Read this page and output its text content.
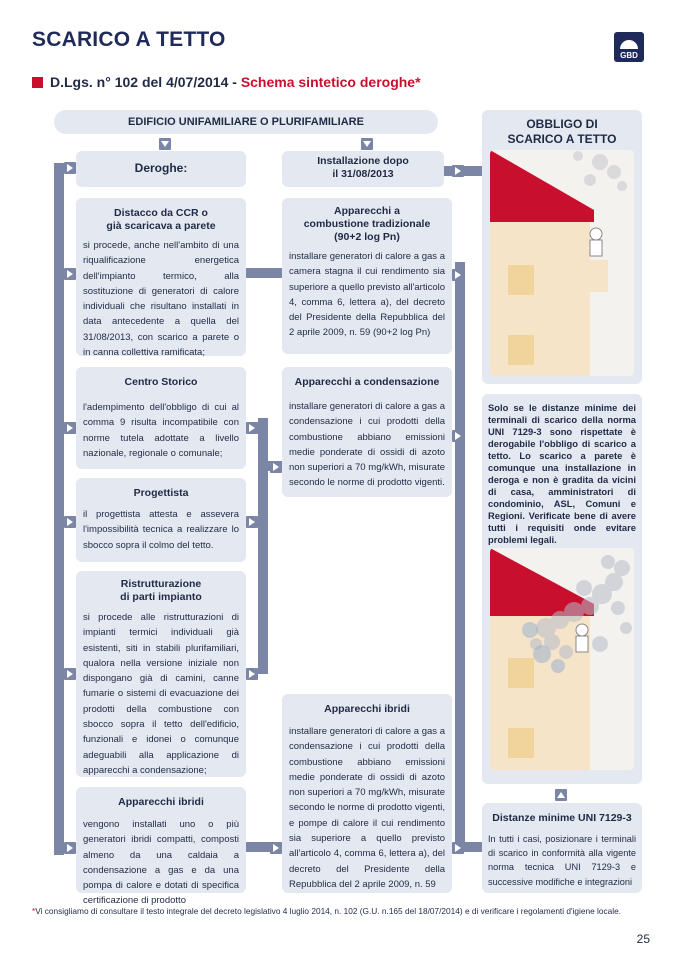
SCARICO A TETTO
GBD
D.Lgs. n° 102 del 4/07/2014 - Schema sintetico deroghe*
EDIFICIO UNIFAMILIARE O PLURIFAMILIARE
Deroghe:
Distacco da CCR o
già scaricava a parete
si procede, anche nell'ambito di una riqualificazione energetica dell'impianto termico, alla sostituzione di generatori di calore individuali che risultano installati in data antecedente a quella del 31/08/2013, con scarico a parete o in canna collettiva ramificata;
Centro Storico
l'adempimento dell'obbligo di cui al comma 9 risulta incompatibile con norme tutela adottate a livello nazionale, regionale o comunale;
Progettista
il progettista attesta e assevera l'impossibilità tecnica a realizzare lo sbocco sopra il colmo del tetto.
Ristrutturazione
di parti impianto
si procede alle ristrutturazioni di impianti termici individuali già esistenti, siti in stabili plurifamiliari, qualora nella versione iniziale non dispongano già di camini, canne fumarie o sistemi di evacuazione dei prodotti della combustione con sbocco sopra il tetto dell'edificio, funzionali e idonei o comunque adeguabili alla applicazione di apparecchi a condensazione;
Apparecchi ibridi
vengono installati uno o più generatori ibridi compatti, composti almeno da una caldaia a condensazione a gas e da una pompa di calore e dotati di specifica certificazione di prodotto
Installazione dopo
il 31/08/2013
Apparecchi a
combustione tradizionale
(90+2 log Pn)
installare generatori di calore a gas a camera stagna il cui rendimento sia superiore a quello previsto all'articolo 4, comma 6, lettera a), del decreto del Presidente della Repubblica del 2 aprile 2009, n. 59 (90+2 log Pn)
Apparecchi a condensazione
installare generatori di calore a gas a condensazione i cui prodotti della combustione abbiano emissioni medie ponderate di ossidi di azoto non superiori a 70 mg/kWh, misurate secondo le norme di prodotto vigenti.
Apparecchi ibridi
installare generatori di calore a gas a condensazione i cui prodotti della combustione abbiano emissioni medie ponderate di ossidi di azoto non superiori a 70 mg/kWh, misurate secondo le norme di prodotto vigenti, e pompe di calore il cui rendimento sia superiore a quello previsto all'articolo 4, comma 6, lettera a), del decreto del Presidente della Repubblica del 2 aprile 2009, n. 59
OBBLIGO DI
SCARICO A TETTO
Solo se le distanze minime dei terminali di scarico della norma UNI 7129-3 sono rispettate è derogabile l'obbligo di scarico a tetto. Lo scarico a parete è comunque una installazione in deroga e non è gradita da vicini di casa, amministratori di condominio, ASL, Comuni e Regioni. Verificate bene di avere tutti i requisiti onde evitare problemi legali.
Distanze minime UNI 7129-3
In tutti i casi, posizionare i terminali di scarico in conformità alla vigente norma tecnica UNI 7129-3 e successive modifiche e integrazioni
*Vi consigliamo di consultare il testo integrale del decreto legislativo 4 luglio 2014, n. 102 (G.U. n.165 del 18/07/2014) e di verificare i regolamenti d'igiene locale.
25
